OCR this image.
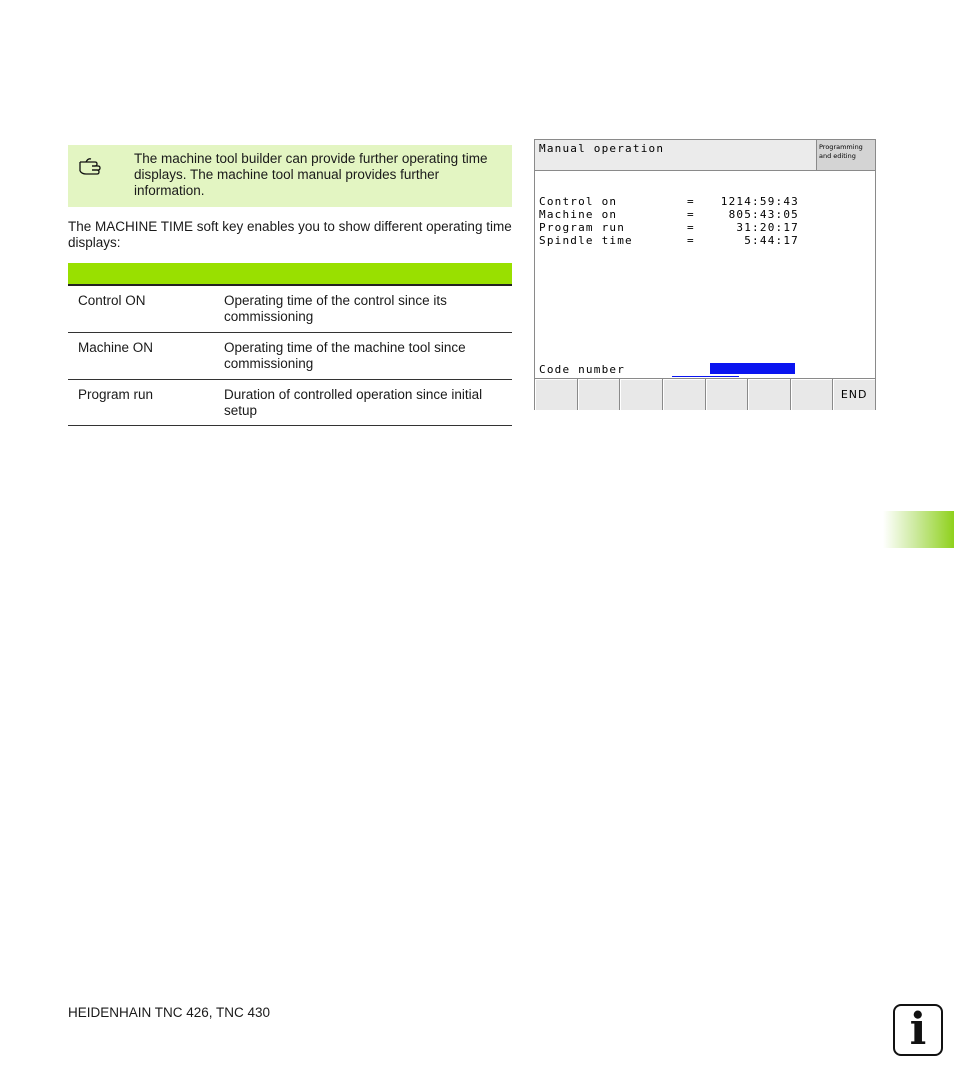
The machine tool builder can provide further operating time displays. The machine tool manual provides further information.

The MACHINE TIME soft key enables you to show different operating time displays:

Control ON	Operating time of the control since its commissioning
Machine ON	Operating time of the machine tool since commissioning
Program run	Duration of controlled operation since initial setup
Manual operation	Programming and editing
Control on	= 1214:59:43
Machine on	=	805:43:05
Program run	=	31:20:17
Spindle time	=	5:44:17
Code number
END

HEIDENHAIN TNC 426, TNC 430	i
